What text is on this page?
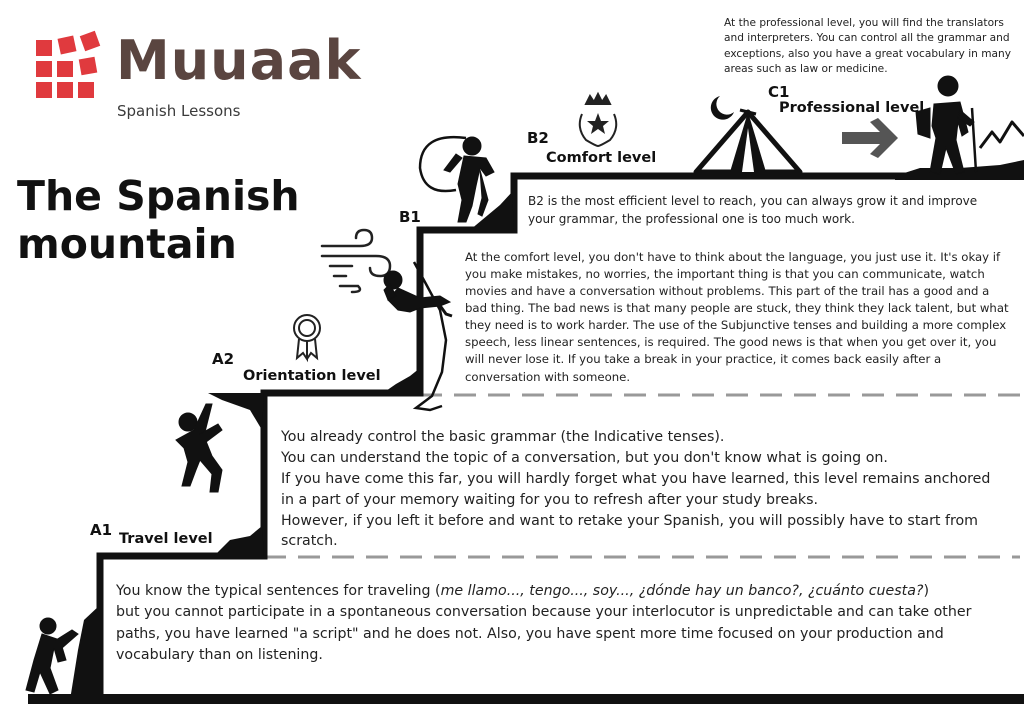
Muuaak
Spanish Lessons
The Spanish
mountain
A1 Travel level
A2
Orientation level
B1
B2
Comfort level
C1
Professional level
At the professional level, you will find the translators and interpreters. You can control all the grammar and exceptions, also you have a great vocabulary in many areas such as law or medicine.
B2 is the most efficient level to reach, you can always grow it and improve your grammar, the professional one is too much work.
At the comfort level, you don't have to think about the language, you just use it. It's okay if you make mistakes, no worries, the important thing is that you can communicate, watch movies and have a conversation without problems. This part of the trail has a good and a bad thing. The bad news is that many people are stuck, they think they lack talent, but what they need is to work harder. The use of the Subjunctive tenses and building a more complex speech, less linear sentences, is required. The good news is that when you get over it, you will never lose it. If you take a break in your practice, it comes back easily after a conversation with someone.
You already control the basic grammar (the Indicative tenses).
You can understand the topic of a conversation, but you don't know what is going on.
If you have come this far, you will hardly forget what you have learned, this level remains anchored
in a part of your memory waiting for you to refresh after your study breaks.
However, if you left it before and want to retake your Spanish, you will possibly have to start from scratch.
You know the typical sentences for traveling (me llamo..., tengo..., soy..., ¿dónde hay un banco?, ¿cuánto cuesta?)
but you cannot participate in a spontaneous conversation because your interlocutor is unpredictable and can take other paths, you have learned "a script" and he does not. Also, you have spent more time focused on your production and vocabulary than on listening.
